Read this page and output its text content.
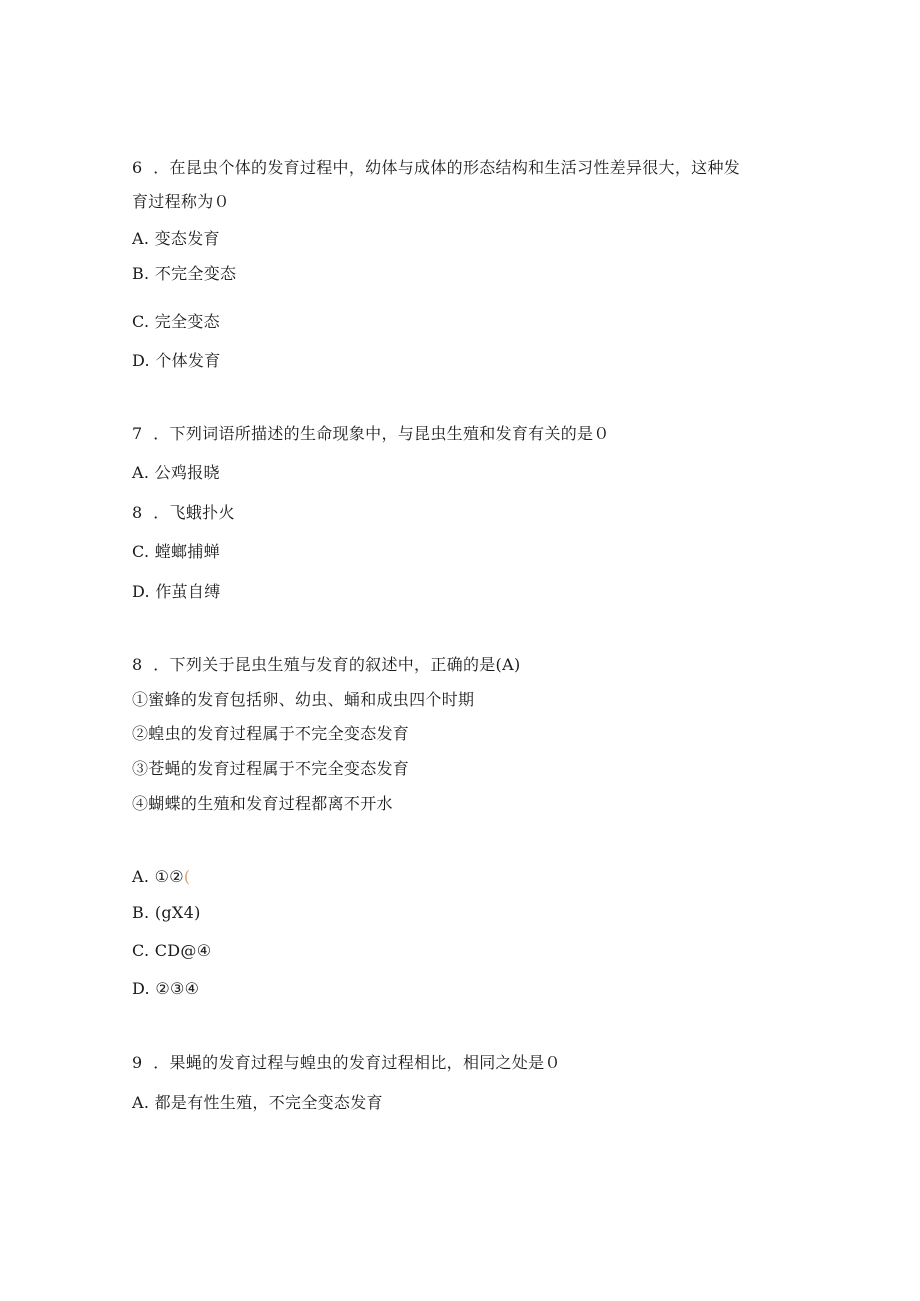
6  ．在昆虫个体的发育过程中，幼体与成体的形态结构和生活习性差异很大，这种发
育过程称为０
A. 变态发育
B. 不完全变态
C. 完全变态
D. 个体发育
7  ．下列词语所描述的生命现象中，与昆虫生殖和发育有关的是０
A. 公鸡报晓
8  ．飞蛾扑火
C. 螳螂捕蝉
D. 作茧自缚
8  ．下列关于昆虫生殖与发育的叙述中，正确的是(A)
①蜜蜂的发育包括卵、幼虫、蛹和成虫四个时期
②蝗虫的发育过程属于不完全变态发育
③苍蝇的发育过程属于不完全变态发育
④蝴蝶的生殖和发育过程都离不开水
A. ①②(
B. (gX4)
C. CD@④
D. ②③④
9  ．果蝇的发育过程与蝗虫的发育过程相比，相同之处是０
A. 都是有性生殖，不完全变态发育
